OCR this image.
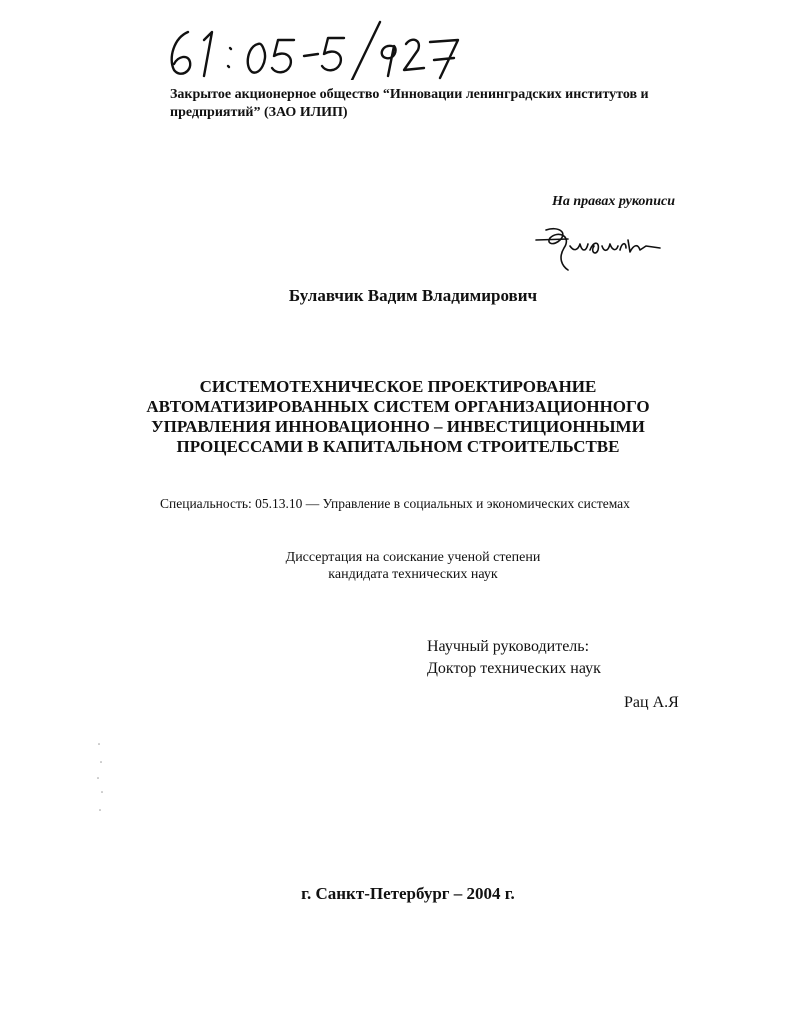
Закрытое акционерное общество “Инновации ленинградских институтов и предприятий” (ЗАО ИЛИП)
На правах рукописи
Булавчик Вадим Владимирович
СИСТЕМОТЕХНИЧЕСКОЕ ПРОЕКТИРОВАНИЕ
АВТОМАТИЗИРОВАННЫХ СИСТЕМ ОРГАНИЗАЦИОННОГО
УПРАВЛЕНИЯ ИННОВАЦИОННО – ИНВЕСТИЦИОННЫМИ
ПРОЦЕССАМИ В КАПИТАЛЬНОМ СТРОИТЕЛЬСТВЕ
Специальность: 05.13.10 — Управление в социальных и экономических системах
Диссертация на соискание ученой степени
кандидата технических наук
Научный руководитель:
Доктор технических наук
Рац А.Я
г. Санкт-Петербург – 2004 г.
